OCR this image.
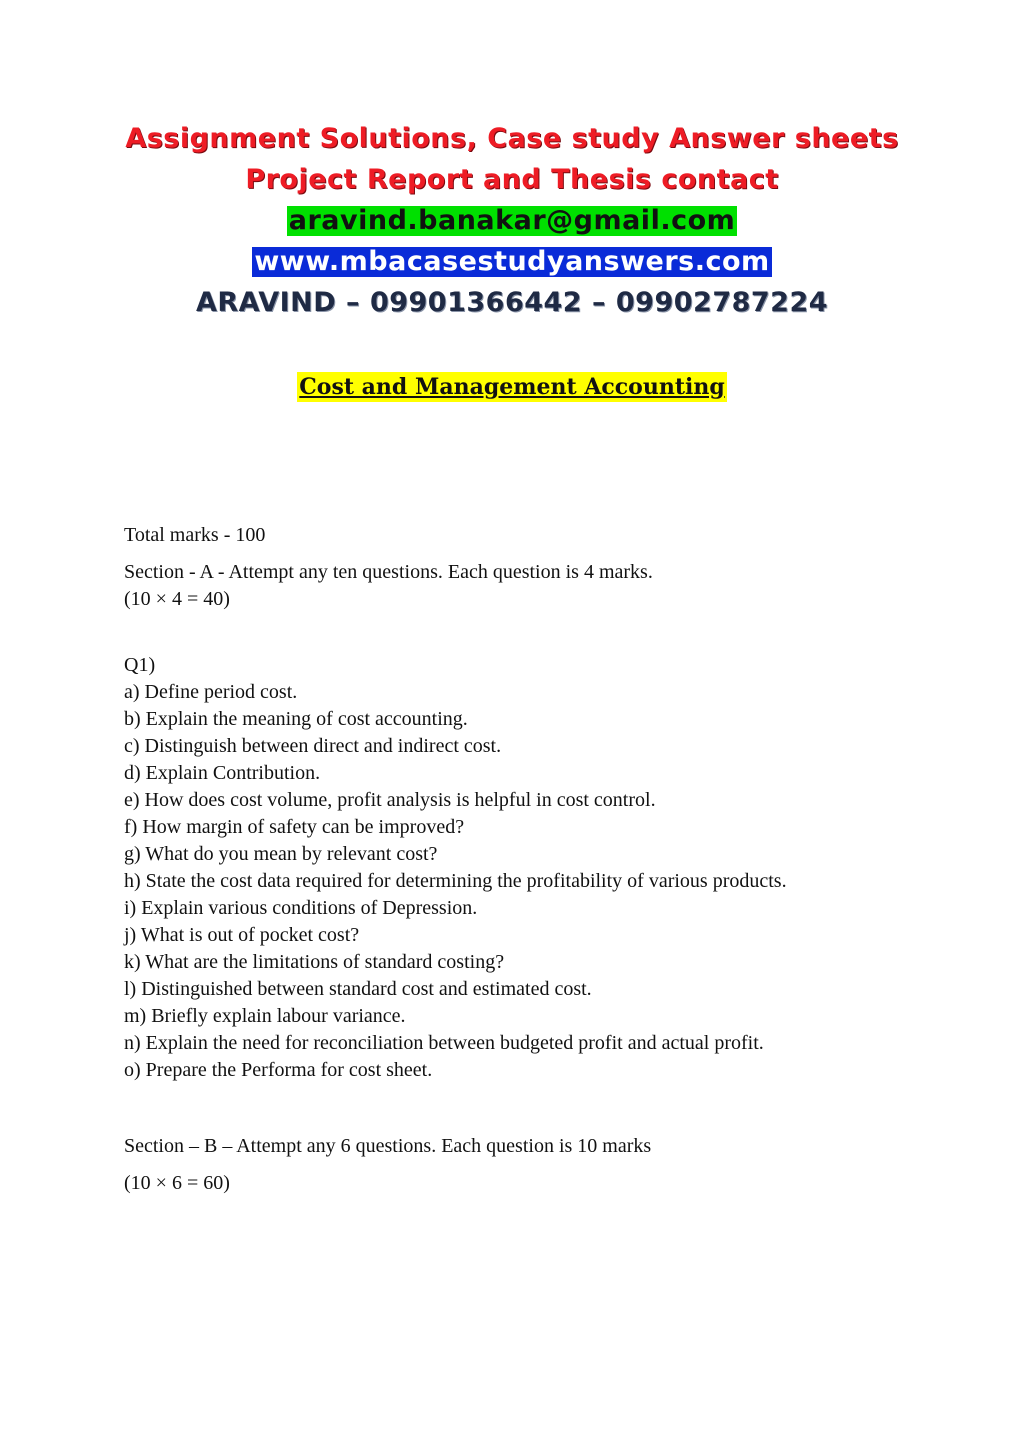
Assignment Solutions, Case study Answer sheets
Project Report and Thesis contact
aravind.banakar@gmail.com
www.mbacasestudyanswers.com
ARAVIND – 09901366442 – 09902787224
Cost and Management Accounting

Total marks - 100

Section - A - Attempt any ten questions. Each question is 4 marks.

(10 × 4 = 40)

Q1)

a) Define period cost.
b) Explain the meaning of cost accounting.
c) Distinguish between direct and indirect cost.
d) Explain Contribution.
e) How does cost volume, profit analysis is helpful in cost control.
f) How margin of safety can be improved?
g) What do you mean by relevant cost?
h) State the cost data required for determining the profitability of various products.
i) Explain various conditions of Depression.
j) What is out of pocket cost?
k) What are the limitations of standard costing?
l) Distinguished between standard cost and estimated cost.
m) Briefly explain labour variance.
n) Explain the need for reconciliation between budgeted profit and actual profit.
o) Prepare the Performa for cost sheet.

Section – B – Attempt any 6 questions. Each question is 10 marks

(10 × 6 = 60)
